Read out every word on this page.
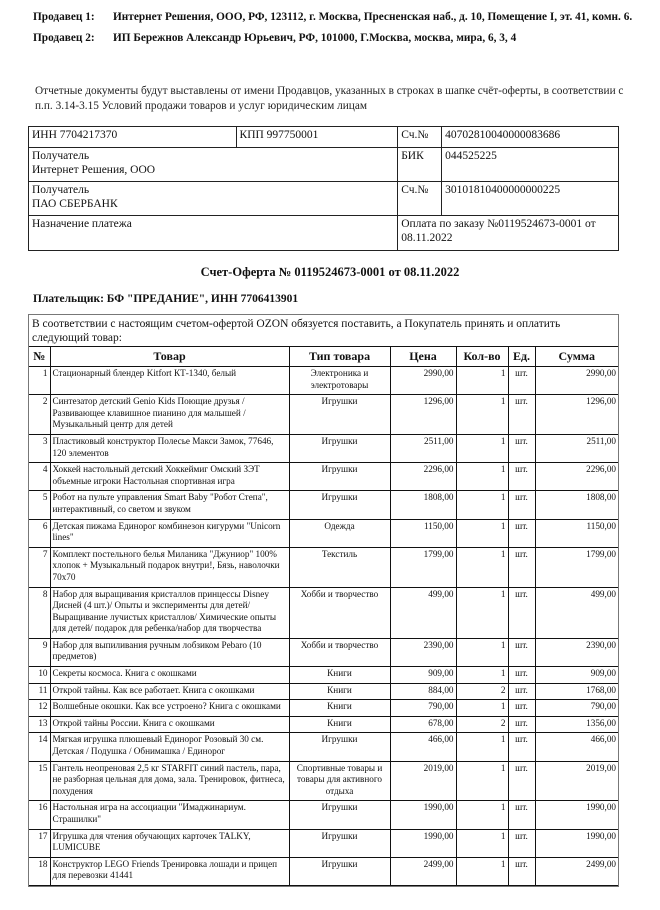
Продавец 1:	Интернет Решения, ООО, РФ, 123112, г. Москва, Пресненская наб., д. 10, Помещение I, эт. 41, комн. 6.
Продавец 2:	ИП Бережнов Александр Юрьевич, РФ, 101000, Г.Москва, москва, мира, 6, 3, 4
Отчетные документы будут выставлены от имени Продавцов, указанных в строках в шапке счёт-оферты, в соответствии с п.п. 3.14-3.15 Условий продажи товаров и услуг юридическим лицам
ИНН 7704217370	КПП 997750001	Сч.№	40702810040000083686

Получатель
Интернет Решения, ООО		БИК	044525225

Получатель
ПАО СБЕРБАНК		Сч.№	30101810400000000225
Назначение платежа		Оплата по заказу №0119524673-0001 от 08.11.2022	
Счет-Оферта № 0119524673-0001 от 08.11.2022
Плательщик: БФ "ПРЕДАНИЕ", ИНН 7706413901
В соответствии с настоящим счетом-офертой OZON обязуется поставить, а Покупатель принять и оплатить следующий товар:
№	Товар	Тип товара	Цена	Кол-во	Ед.	Сумма
1	Стационарный блендер Kitfort КТ-1340, белый	Электроника и электротовары	2990,00	1	шт.	2990,00
2	Синтезатор детский Genio Kids Поющие друзья / Развивающее клавишное пианино для малышей / Музыкальный центр для детей	Игрушки	1296,00	1	шт.	1296,00
3	Пластиковый конструктор Полесье Макси Замок, 77646, 120 элементов	Игрушки	2511,00	1	шт.	2511,00
4	Хоккей настольный детский Хоккеймиг Омский ЗЭТ объемные игроки Настольная спортивная игра	Игрушки	2296,00	1	шт.	2296,00
5	Робот на пульте управления Smart Baby "Робот Степа", интерактивный, со светом и звуком	Игрушки	1808,00	1	шт.	1808,00
6	Детская пижама Единорог комбинезон кигуруми "Unicorn lines"	Одежда	1150,00	1	шт.	1150,00
7	Комплект постельного белья Миланика "Джуниор" 100% хлопок + Музыкальный подарок внутри!, Бязь, наволочки 70х70	Текстиль	1799,00	1	шт.	1799,00
8	Набор для выращивания кристаллов принцессы Disney Дисней (4 шт.)/ Опыты и эксперименты для детей/Выращивание лучистых кристаллов/ Химические опыты для детей/ подарок для ребенка/набор для творчества	Хобби и творчество	499,00	1	шт.	499,00
9	Набор для выпиливания ручным лобзиком Pebaro (10 предметов)	Хобби и творчество	2390,00	1	шт.	2390,00
10	Секреты космоса. Книга с окошками	Книги	909,00	1	шт.	909,00
11	Открой тайны. Как все работает. Книга с окошками	Книги	884,00	2	шт.	1768,00
12	Волшебные окошки. Как все устроено? Книга с окошками	Книги	790,00	1	шт.	790,00
13	Открой тайны России. Книга с окошками	Книги	678,00	2	шт.	1356,00
14	Мягкая игрушка плюшевый Единорог Розовый 30 см. Детская / Подушка / Обнимашка / Единорог	Игрушки	466,00	1	шт.	466,00
15	Гантель неопреновая 2,5 кг STARFIT синий пастель, пара, не разборная цельная для дома, зала. Тренировок, фитнеса, похудения	Спортивные товары и товары для активного отдыха	2019,00	1	шт.	2019,00
16	Настольная игра на ассоциации "Имаджинариум. Страшилки"	Игрушки	1990,00	1	шт.	1990,00
17	Игрушка для чтения обучающих карточек TALKY, LUMICUBE	Игрушки	1990,00	1	шт.	1990,00
18	Конструктор LEGO Friends Тренировка лошади и прицеп для перевозки 41441	Игрушки	2499,00	1	шт.	2499,00
